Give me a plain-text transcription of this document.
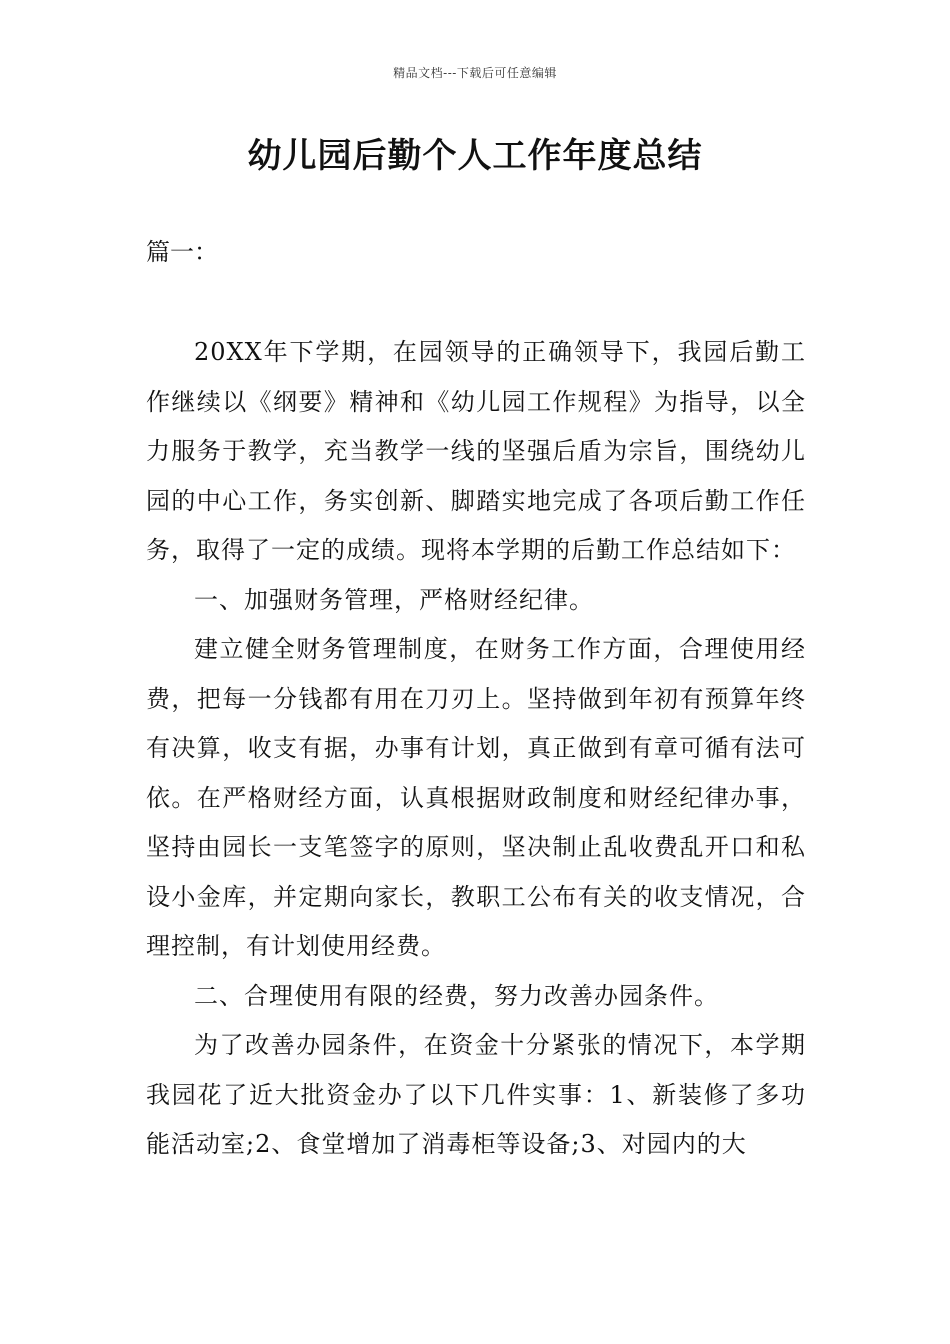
精品文档---下载后可任意编辑
幼儿园后勤个人工作年度总结
篇一：

20XX年下学期，在园领导的正确领导下，我园后勤工作继续以《纲要》精神和《幼儿园工作规程》为指导，以全力服务于教学，充当教学一线的坚强后盾为宗旨，围绕幼儿园的中心工作，务实创新、脚踏实地完成了各项后勤工作任务，取得了一定的成绩。现将本学期的后勤工作总结如下：

一、加强财务管理，严格财经纪律。

建立健全财务管理制度，在财务工作方面，合理使用经费，把每一分钱都有用在刀刃上。坚持做到年初有预算年终有决算，收支有据，办事有计划，真正做到有章可循有法可依。在严格财经方面，认真根据财政制度和财经纪律办事，坚持由园长一支笔签字的原则，坚决制止乱收费乱开口和私设小金库，并定期向家长，教职工公布有关的收支情况，合理控制，有计划使用经费。

二、合理使用有限的经费，努力改善办园条件。

为了改善办园条件，在资金十分紧张的情况下，本学期我园花了近大批资金办了以下几件实事：1、新装修了多功能活动室;2、食堂增加了消毒柜等设备;3、对园内的大
